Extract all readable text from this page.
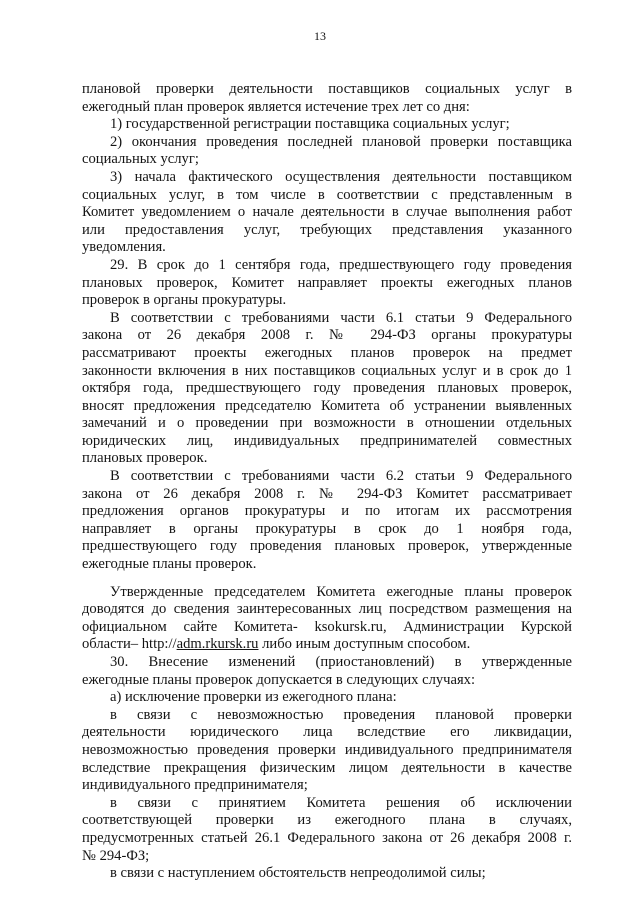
13
плановой проверки деятельности поставщиков социальных услуг в
ежегодный план проверок является истечение трех лет со дня:
1) государственной регистрации поставщика социальных услуг;
2) окончания проведения последней плановой проверки поставщика
социальных услуг;
3) начала фактического осуществления деятельности поставщиком
социальных услуг, в том числе в соответствии с представленным в
Комитет уведомлением о начале деятельности в случае выполнения работ
или предоставления услуг, требующих представления указанного
уведомления.
29. В срок до 1 сентября года, предшествующего году проведения
плановых проверок, Комитет направляет проекты ежегодных планов
проверок в органы прокуратуры.
В соответствии с требованиями части 6.1 статьи 9 Федерального
закона от 26 декабря 2008 г. № 294-ФЗ органы прокуратуры
рассматривают проекты ежегодных планов проверок на предмет
законности включения в них поставщиков социальных услуг и в срок до 1
октября года, предшествующего году проведения плановых проверок,
вносят предложения председателю Комитета об устранении выявленных
замечаний и о проведении при возможности в отношении отдельных
юридических лиц, индивидуальных предпринимателей совместных
плановых проверок.
В соответствии с требованиями части 6.2 статьи 9 Федерального
закона от 26 декабря 2008 г. № 294-ФЗ Комитет рассматривает
предложения органов прокуратуры и по итогам их рассмотрения
направляет в органы прокуратуры в срок до 1 ноября года,
предшествующего году проведения плановых проверок, утвержденные
ежегодные планы проверок.
Утвержденные председателем Комитета ежегодные планы проверок
доводятся до сведения заинтересованных лиц посредством размещения на
официальном сайте Комитета- ksokursk.ru, Администрации Курской
области– http://adm.rkursk.ru либо иным доступным способом.
30. Внесение изменений (приостановлений) в утвержденные
ежегодные планы проверок допускается в следующих случаях:
а) исключение проверки из ежегодного плана:
в связи с невозможностью проведения плановой проверки
деятельности юридического лица вследствие его ликвидации,
невозможностью проведения проверки индивидуального предпринимателя
вследствие прекращения физическим лицом деятельности в качестве
индивидуального предпринимателя;
в связи с принятием Комитета решения об исключении
соответствующей проверки из ежегодного плана в случаях,
предусмотренных статьей 26.1 Федерального закона от 26 декабря 2008 г.
№ 294-ФЗ;
в связи с наступлением обстоятельств непреодолимой силы;
